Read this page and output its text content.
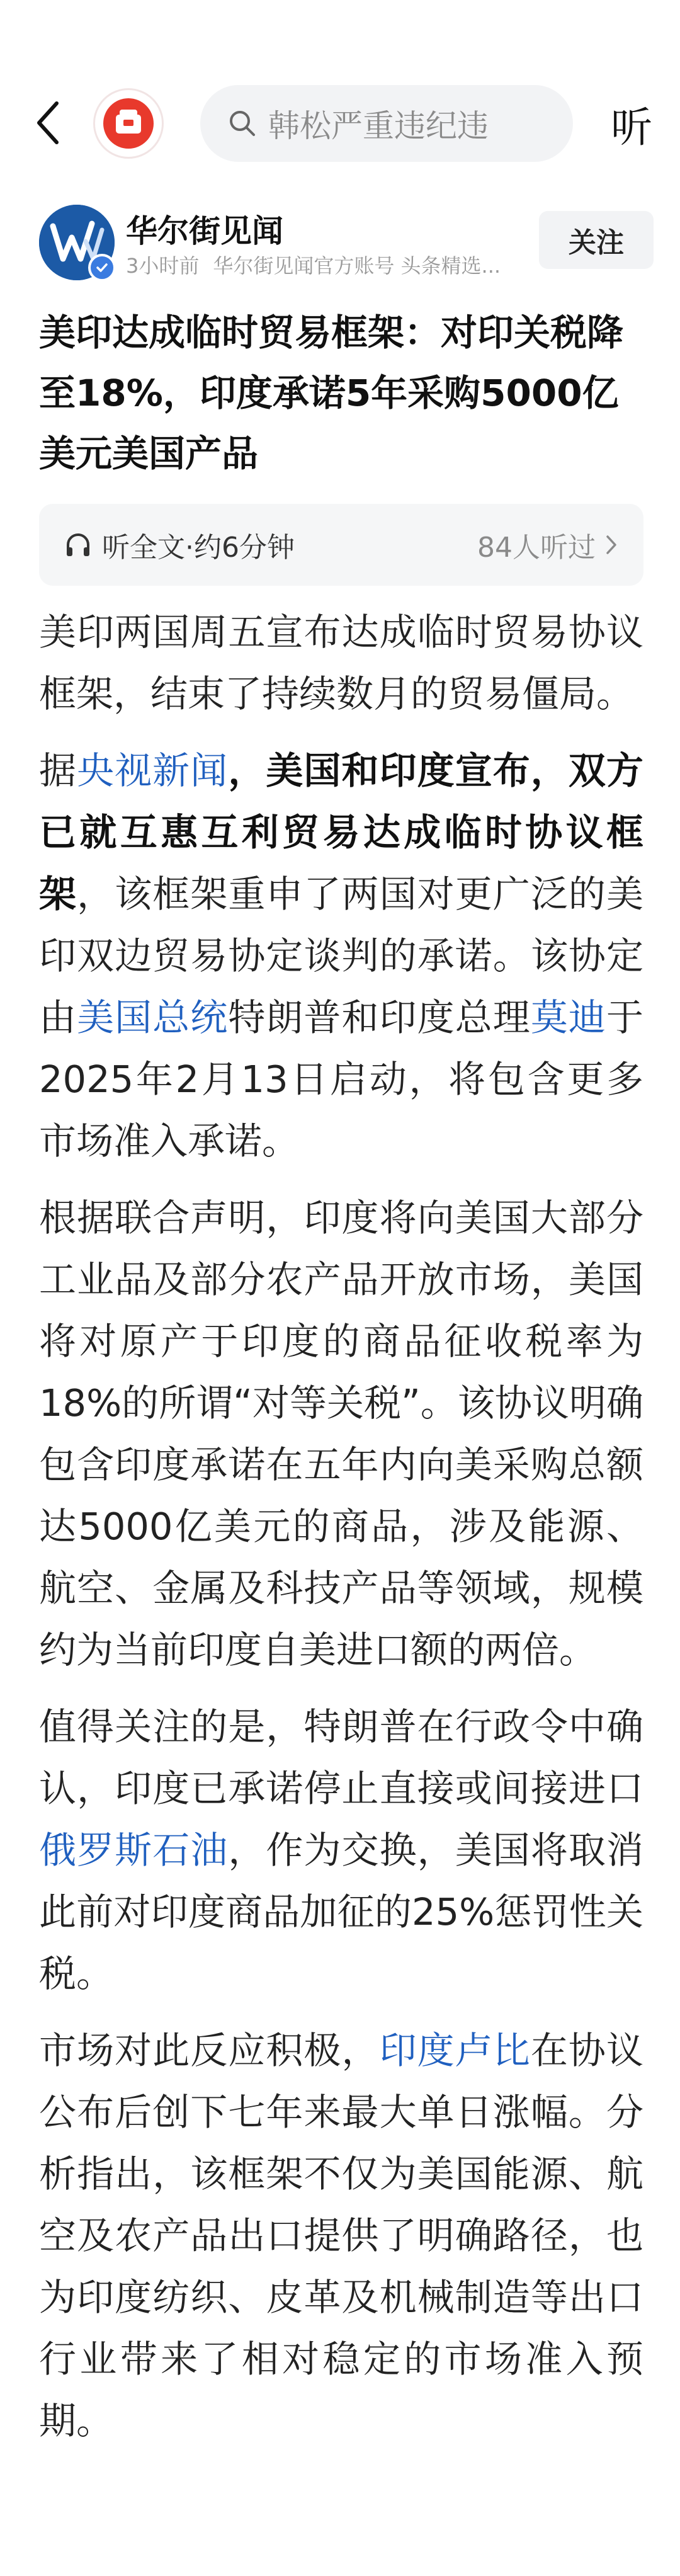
韩松严重违纪违	听
华尔街见闻
3小时前 华尔街见闻官方账号 头条精选...
关注
美印达成临时贸易框架：对印关税降至18%，印度承诺5年采购5000亿美元美国产品
听全文·约6分钟	84人听过

美印两国周五宣布达成临时贸易协议框架，结束了持续数月的贸易僵局。

据央视新闻，美国和印度宣布，双方已就互惠互利贸易达成临时协议框架，该框架重申了两国对更广泛的美印双边贸易协定谈判的承诺。该协定由美国总统特朗普和印度总理莫迪于2025年2月13日启动，将包含更多市场准入承诺。

根据联合声明，印度将向美国大部分工业品及部分农产品开放市场，美国将对原产于印度的商品征收税率为18%的所谓“对等关税”。该协议明确包含印度承诺在五年内向美采购总额达5000亿美元的商品，涉及能源、航空、金属及科技产品等领域，规模约为当前印度自美进口额的两倍。

值得关注的是，特朗普在行政令中确认，印度已承诺停止直接或间接进口俄罗斯石油，作为交换，美国将取消此前对印度商品加征的25%惩罚性关税。

市场对此反应积极，印度卢比在协议公布后创下七年来最大单日涨幅。分析指出，该框架不仅为美国能源、航空及农产品出口提供了明确路径，也为印度纺织、皮革及机械制造等出口行业带来了相对稳定的市场准入预期。
